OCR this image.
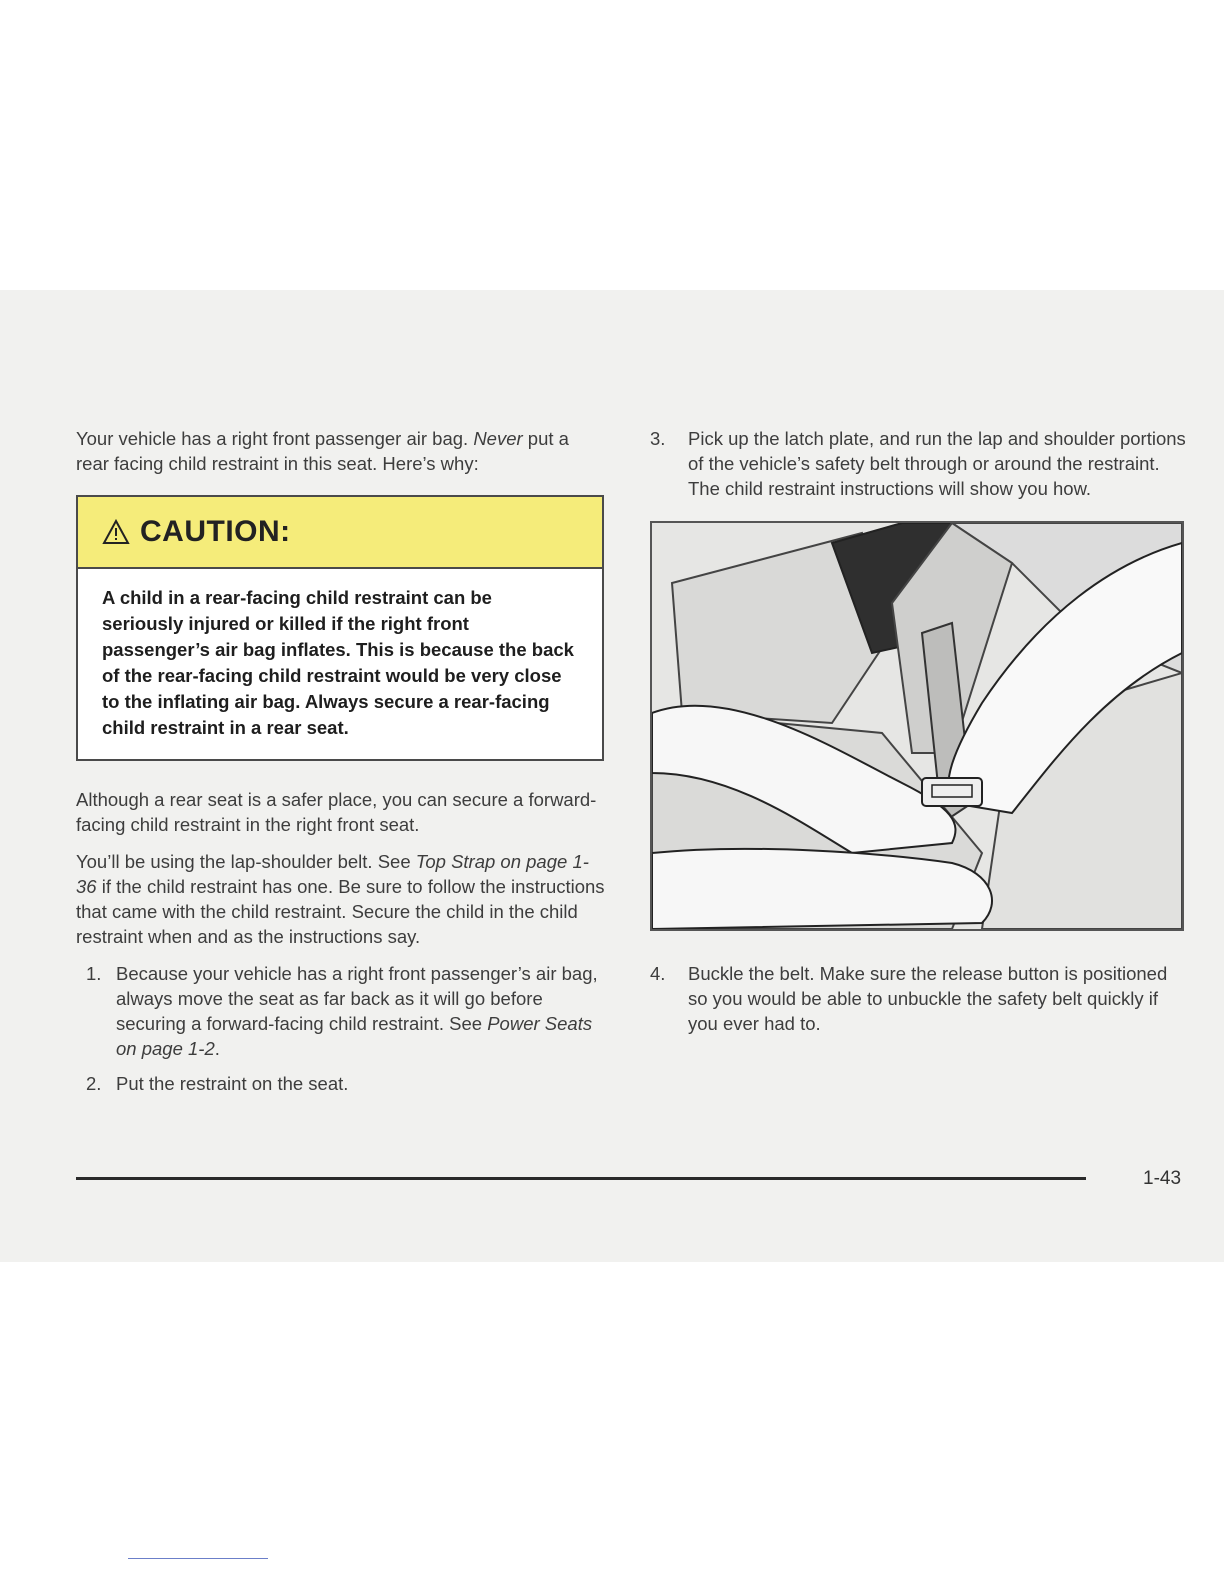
Your vehicle has a right front passenger air bag. Never put a rear facing child restraint in this seat. Here’s why:

CAUTION:
A child in a rear-facing child restraint can be seriously injured or killed if the right front passenger’s air bag inflates. This is because the back of the rear-facing child restraint would be very close to the inflating air bag. Always secure a rear-facing child restraint in a rear seat.

Although a rear seat is a safer place, you can secure a forward-facing child restraint in the right front seat.

You’ll be using the lap-shoulder belt. See Top Strap on page 1-36 if the child restraint has one. Be sure to follow the instructions that came with the child restraint. Secure the child in the child restraint when and as the instructions say.

1. Because your vehicle has a right front passenger’s air bag, always move the seat as far back as it will go before securing a forward-facing child restraint. See Power Seats on page 1-2.

2. Put the restraint on the seat.

3.	Pick up the latch plate, and run the lap and shoulder portions of the vehicle’s safety belt through or around the restraint. The child restraint instructions will show you how.

4.	Buckle the belt. Make sure the release button is positioned so you would be able to unbuckle the safety belt quickly if you ever had to.

1-43
